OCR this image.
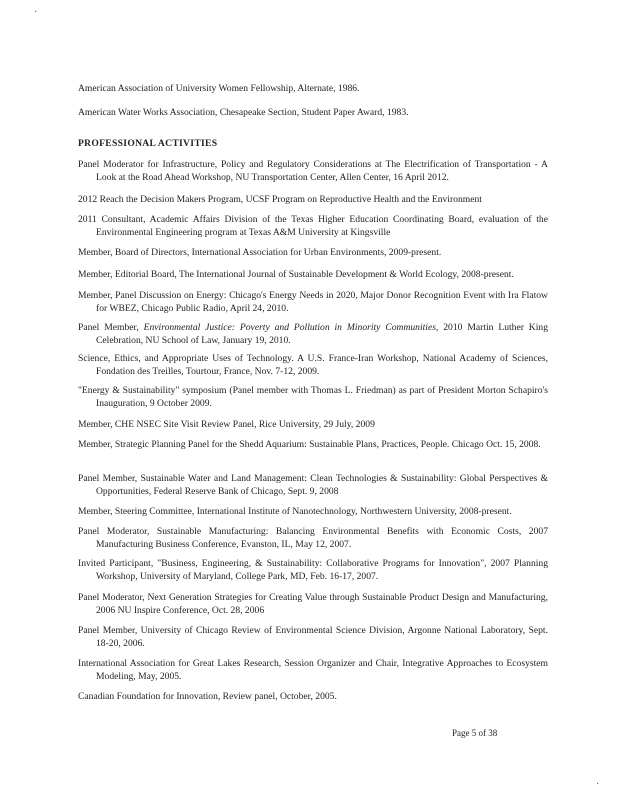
·
American Association of University Women Fellowship, Alternate, 1986.
American Water Works Association, Chesapeake Section, Student Paper Award, 1983.
PROFESSIONAL ACTIVITIES
Panel Moderator for Infrastructure, Policy and Regulatory Considerations at The Electrification of Transportation - A Look at the Road Ahead Workshop, NU Transportation Center, Allen Center, 16 April 2012.
2012 Reach the Decision Makers Program, UCSF Program on Reproductive Health and the Environment
2011 Consultant, Academic Affairs Division of the Texas Higher Education Coordinating Board, evaluation of the Environmental Engineering program at Texas A&M University at Kingsville
Member, Board of Directors, International Association for Urban Environments, 2009-present.
Member, Editorial Board, The International Journal of Sustainable Development & World Ecology, 2008-present.
Member, Panel Discussion on Energy: Chicago's Energy Needs in 2020, Major Donor Recognition Event with Ira Flatow for WBEZ, Chicago Public Radio, April 24, 2010.
Panel Member, Environmental Justice: Poverty and Pollution in Minority Communities, 2010 Martin Luther King Celebration, NU School of Law, January 19, 2010.
Science, Ethics, and Appropriate Uses of Technology. A U.S. France-Iran Workshop, National Academy of Sciences, Fondation des Treilles, Tourtour, France, Nov. 7-12, 2009.
"Energy & Sustainability" symposium (Panel member with Thomas L. Friedman) as part of President Morton Schapiro's Inauguration, 9 October 2009.
Member, CHE NSEC Site Visit Review Panel, Rice University, 29 July, 2009
Member, Strategic Planning Panel for the Shedd Aquarium: Sustainable Plans, Practices, People. Chicago Oct. 15, 2008.
Panel Member, Sustainable Water and Land Management: Clean Technologies & Sustainability: Global Perspectives & Opportunities, Federal Reserve Bank of Chicago, Sept. 9, 2008
Member, Steering Committee, International Institute of Nanotechnology, Northwestern University, 2008-present.
Panel Moderator, Sustainable Manufacturing: Balancing Environmental Benefits with Economic Costs, 2007 Manufacturing Business Conference, Evanston, IL, May 12, 2007.
Invited Participant, "Business, Engineering, & Sustainability: Collaborative Programs for Innovation", 2007 Planning Workshop, University of Maryland, College Park, MD, Feb. 16-17, 2007.
Panel Moderator, Next Generation Strategies for Creating Value through Sustainable Product Design and Manufacturing, 2006 NU Inspire Conference, Oct. 28, 2006
Panel Member, University of Chicago Review of Environmental Science Division, Argonne National Laboratory, Sept. 18-20, 2006.
International Association for Great Lakes Research, Session Organizer and Chair, Integrative Approaches to Ecosystem Modeling, May, 2005.
Canadian Foundation for Innovation, Review panel, October, 2005.
Page 5 of 38
·
